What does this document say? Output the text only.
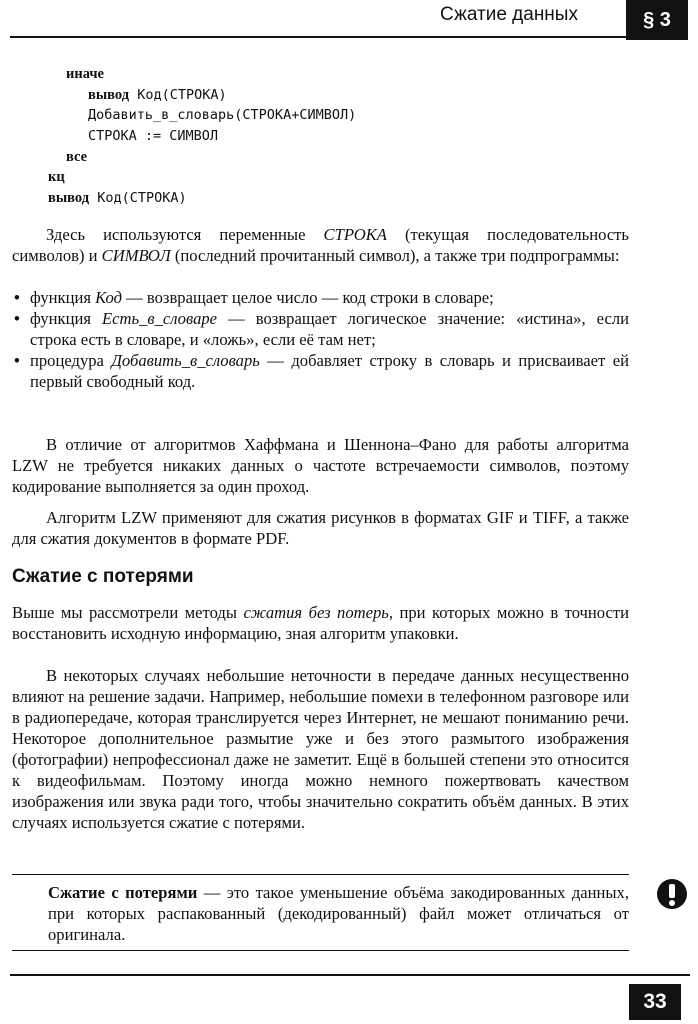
Сжатие данных	§ 3
иначе
вывод Код(СТРОКА)
Добавить_в_словарь(СТРОКА+СИМВОЛ)
СТРОКА := СИМВОЛ
все
кц
вывод Код(СТРОКА)

Здесь используются переменные СТРОКА (текущая последовательность символов) и СИМВОЛ (последний прочитанный символ), а также три подпрограммы:

• функция Код — возвращает целое число — код строки в словаре;
• функция Есть_в_словаре — возвращает логическое значение: «истина», если строка есть в словаре, и «ложь», если её там нет;
• процедура Добавить_в_словарь — добавляет строку в словарь и присваивает ей первый свободный код.

В отличие от алгоритмов Хаффмана и Шеннона–Фано для работы алгоритма LZW не требуется никаких данных о частоте встречаемости символов, поэтому кодирование выполняется за один проход.

Алгоритм LZW применяют для сжатия рисунков в форматах GIF и TIFF, а также для сжатия документов в формате PDF.

Сжатие с потерями

Выше мы рассмотрели методы сжатия без потерь, при которых можно в точности восстановить исходную информацию, зная алгоритм упаковки.

В некоторых случаях небольшие неточности в передаче данных несущественно влияют на решение задачи. Например, небольшие помехи в телефонном разговоре или в радиопередаче, которая транслируется через Интернет, не мешают пониманию речи. Некоторое дополнительное размытие уже и без этого размытого изображения (фотографии) непрофессионал даже не заметит. Ещё в большей степени это относится к видеофильмам. Поэтому иногда можно немного пожертвовать качеством изображения или звука ради того, чтобы значительно сократить объём данных. В этих случаях используется сжатие с потерями.

Сжатие с потерями — это такое уменьшение объёма закодированных данных, при которых распакованный (декодированный) файл может отличаться от оригинала.

33
